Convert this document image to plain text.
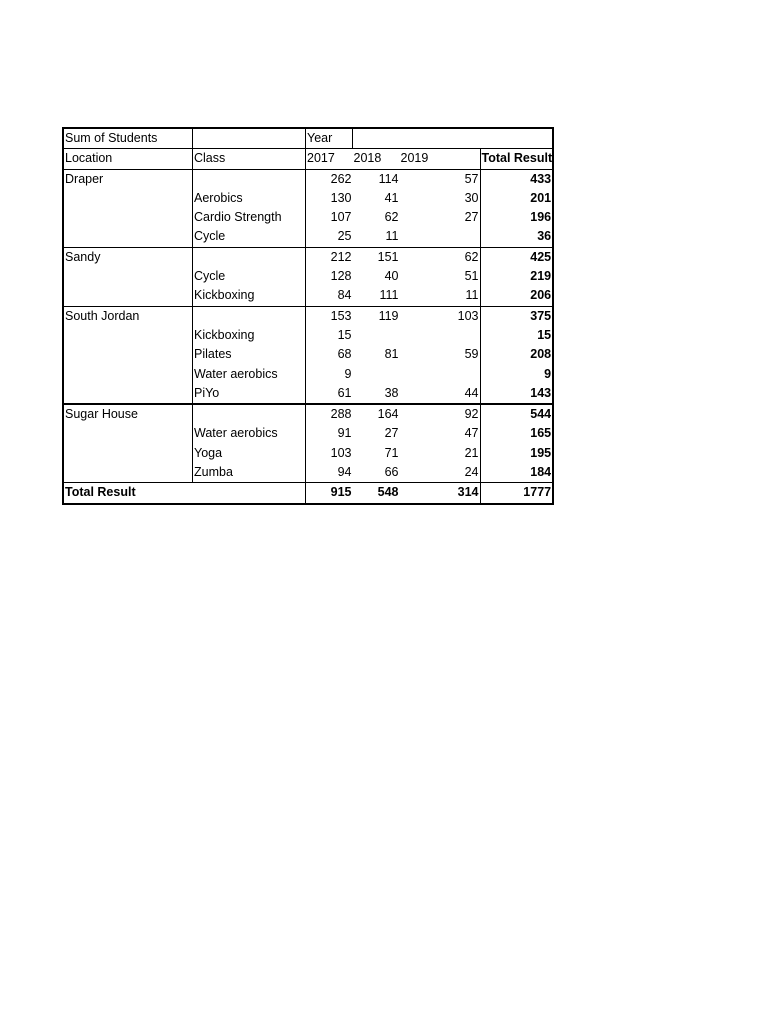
Sum of Students		Year			
Location	Class	2017	2018	2019	Total Result
Draper		262	114	57	433
	Aerobics	130	41	30	201
	Cardio Strength	107	62	27	196
	Cycle	25	11		36
Sandy		212	151	62	425
	Cycle	128	40	51	219
	Kickboxing	84	111	11	206
South Jordan		153	119	103	375
	Kickboxing	15			15
	Pilates	68	81	59	208
	Water aerobics	9			9
	PiYo	61	38	44	143
Sugar House		288	164	92	544
	Water aerobics	91	27	47	165
	Yoga	103	71	21	195
	Zumba	94	66	24	184
Total Result		915	548	314	1777
